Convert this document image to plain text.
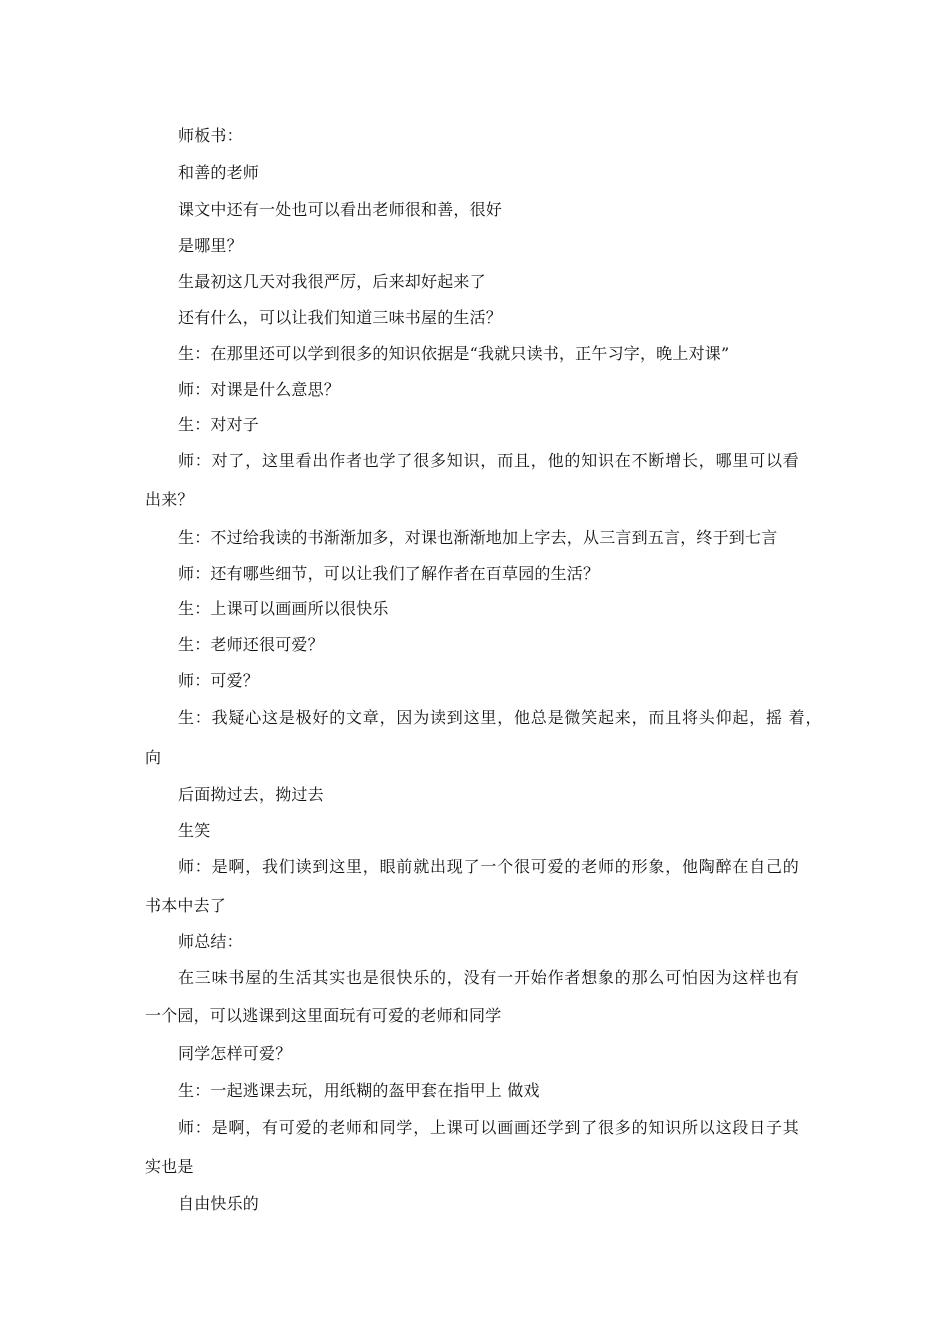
师板书：
和善的老师
课文中还有一处也可以看出老师很和善，很好
是哪里？
生最初这几天对我很严厉，后来却好起来了
还有什么，可以让我们知道三味书屋的生活？
生：在那里还可以学到很多的知识依据是“我就只读书，正午习字，晚上对课”
师：对课是什么意思？
生：对对子
师：对了，这里看出作者也学了很多知识，而且，他的知识在不断增长，哪里可以看
出来？
生：不过给我读的书渐渐加多，对课也渐渐地加上字去，从三言到五言，终于到七言
师：还有哪些细节，可以让我们了解作者在百草园的生活？
生：上课可以画画所以很快乐
生：老师还很可爱？
师：可爱？
生：我疑心这是极好的文章，因为读到这里，他总是微笑起来，而且将头仰起，摇 着，
向
后面拗过去，拗过去
生笑
师：是啊，我们读到这里，眼前就出现了一个很可爱的老师的形象，他陶醉在自己的
书本中去了
师总结：
在三味书屋的生活其实也是很快乐的，没有一开始作者想象的那么可怕因为这样也有
一个园，可以逃课到这里面玩有可爱的老师和同学
同学怎样可爱？
生：一起逃课去玩，用纸糊的盔甲套在指甲上 做戏
师：是啊，有可爱的老师和同学，上课可以画画还学到了很多的知识所以这段日子其
实也是
自由快乐的
